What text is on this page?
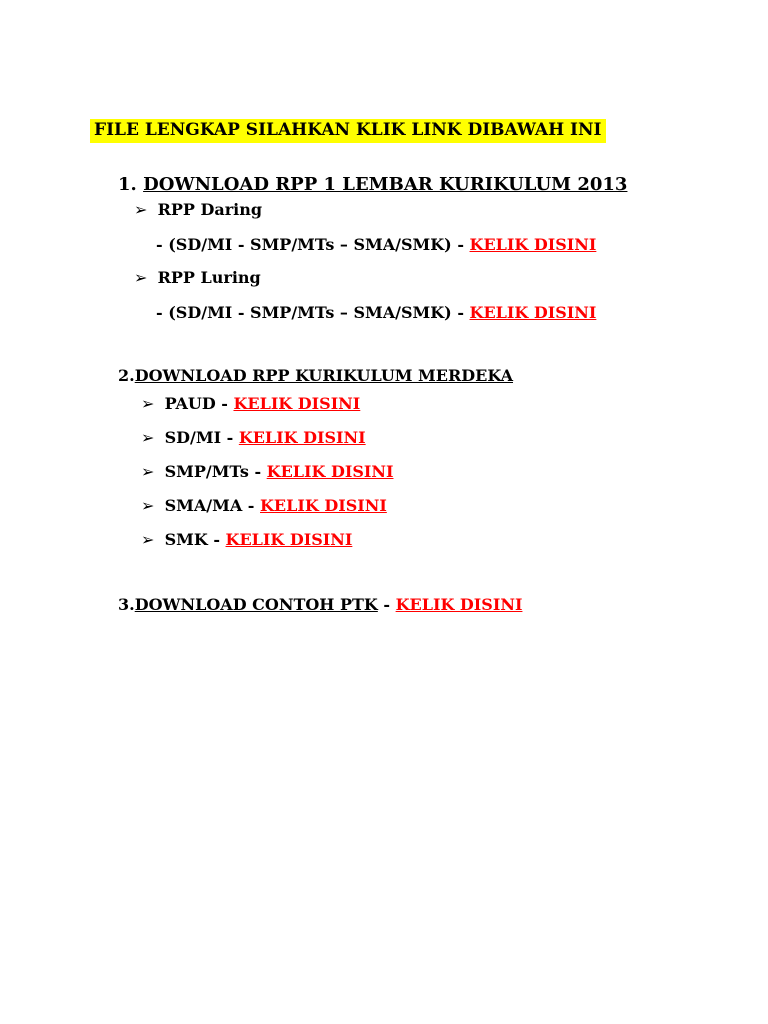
FILE LENGKAP SILAHKAN KLIK LINK DIBAWAH INI
1. DOWNLOAD RPP 1 LEMBAR KURIKULUM 2013
➢ RPP Daring
- (SD/MI - SMP/MTs – SMA/SMK) - KELIK DISINI
➢ RPP Luring
- (SD/MI - SMP/MTs – SMA/SMK) - KELIK DISINI
2.DOWNLOAD RPP KURIKULUM MERDEKA
➢ PAUD - KELIK DISINI
➢ SD/MI - KELIK DISINI
➢ SMP/MTs - KELIK DISINI
➢ SMA/MA - KELIK DISINI
➢ SMK - KELIK DISINI
3.DOWNLOAD CONTOH PTK - KELIK DISINI
